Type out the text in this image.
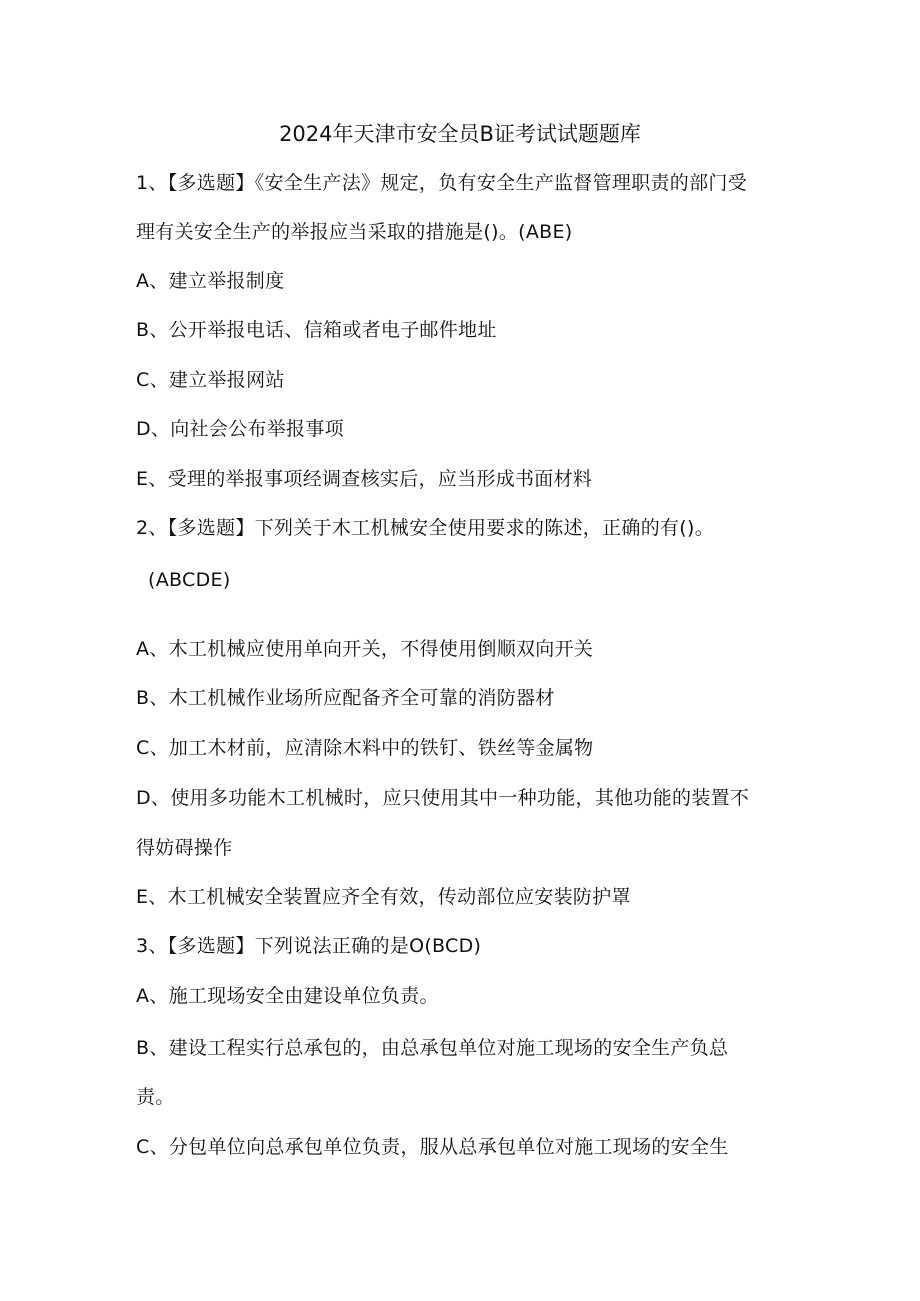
2024年天津市安全员B证考试试题题库
1、【多选题】《安全生产法》规定，负有安全生产监督管理职责的部门受
理有关安全生产的举报应当采取的措施是()。(ABE)
A、建立举报制度
B、公开举报电话、信箱或者电子邮件地址
C、建立举报网站
D、向社会公布举报事项
E、受理的举报事项经调查核实后，应当形成书面材料
2、【多选题】下列关于木工机械安全使用要求的陈述，正确的有()。
(ABCDE)
A、木工机械应使用单向开关，不得使用倒顺双向开关
B、木工机械作业场所应配备齐全可靠的消防器材
C、加工木材前，应清除木料中的铁钉、铁丝等金属物
D、使用多功能木工机械时，应只使用其中一种功能，其他功能的装置不
得妨碍操作
E、木工机械安全装置应齐全有效，传动部位应安装防护罩
3、【多选题】下列说法正确的是O(BCD)
A、施工现场安全由建设单位负责。
B、建设工程实行总承包的，由总承包单位对施工现场的安全生产负总
责。
C、分包单位向总承包单位负责，服从总承包单位对施工现场的安全生
